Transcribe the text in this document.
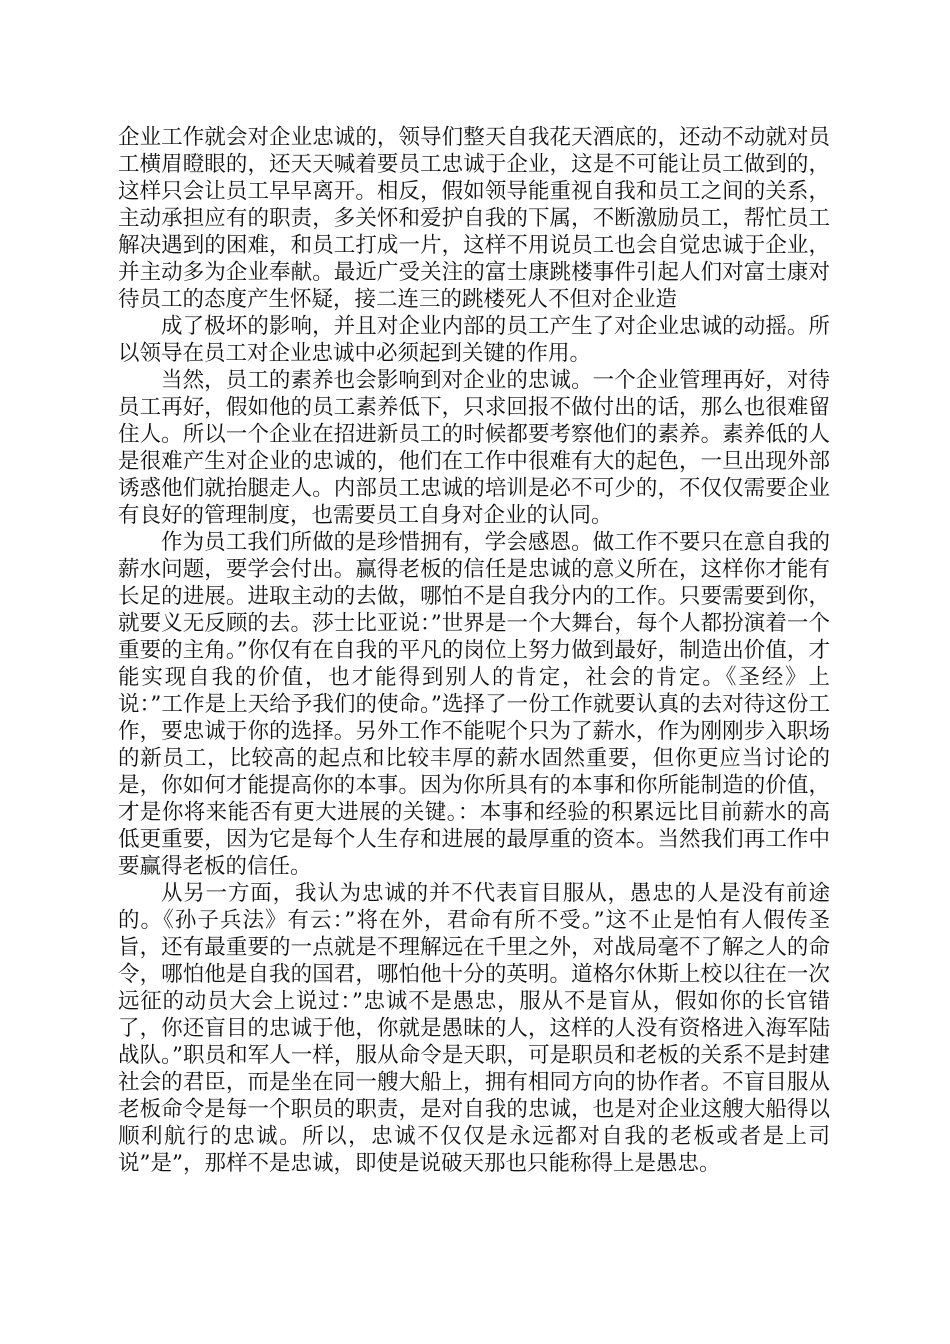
企业工作就会对企业忠诚的，领导们整天自我花天酒底的，还动不动就对员工横眉瞪眼的，还天天喊着要员工忠诚于企业，这是不可能让员工做到的，这样只会让员工早早离开。相反，假如领导能重视自我和员工之间的关系，主动承担应有的职责，多关怀和爱护自我的下属，不断激励员工，帮忙员工解决遇到的困难，和员工打成一片，这样不用说员工也会自觉忠诚于企业，并主动多为企业奉献。最近广受关注的富士康跳楼事件引起人们对富士康对待员工的态度产生怀疑，接二连三的跳楼死人不但对企业造

成了极坏的影响，并且对企业内部的员工产生了对企业忠诚的动摇。所以领导在员工对企业忠诚中必须起到关键的作用。

当然，员工的素养也会影响到对企业的忠诚。一个企业管理再好，对待员工再好，假如他的员工素养低下，只求回报不做付出的话，那么也很难留住人。所以一个企业在招进新员工的时候都要考察他们的素养。素养低的人是很难产生对企业的忠诚的，他们在工作中很难有大的起色，一旦出现外部诱惑他们就抬腿走人。内部员工忠诚的培训是必不可少的，不仅仅需要企业有良好的管理制度，也需要员工自身对企业的认同。

作为员工我们所做的是珍惜拥有，学会感恩。做工作不要只在意自我的薪水问题，要学会付出。赢得老板的信任是忠诚的意义所在，这样你才能有长足的进展。进取主动的去做，哪怕不是自我分内的工作。只要需要到你，就要义无反顾的去。莎士比亚说：”世界是一个大舞台，每个人都扮演着一个重要的主角。”你仅有在自我的平凡的岗位上努力做到最好，制造出价值，才能实现自我的价值，也才能得到别人的肯定，社会的肯定。《圣经》上说：”工作是上天给予我们的使命。”选择了一份工作就要认真的去对待这份工作，要忠诚于你的选择。另外工作不能呢个只为了薪水，作为刚刚步入职场的新员工，比较高的起点和比较丰厚的薪水固然重要，但你更应当讨论的是，你如何才能提高你的本事。因为你所具有的本事和你所能制造的价值，才是你将来能否有更大进展的关键。：本事和经验的积累远比目前薪水的高低更重要，因为它是每个人生存和进展的最厚重的资本。当然我们再工作中要赢得老板的信任。

从另一方面，我认为忠诚的并不代表盲目服从，愚忠的人是没有前途的。《孙子兵法》有云：”将在外，君命有所不受。”这不止是怕有人假传圣旨，还有最重要的一点就是不理解远在千里之外，对战局毫不了解之人的命令，哪怕他是自我的国君，哪怕他十分的英明。道格尔休斯上校以往在一次远征的动员大会上说过：”忠诚不是愚忠，服从不是盲从，假如你的长官错了，你还盲目的忠诚于他，你就是愚昧的人，这样的人没有资格进入海军陆战队。”职员和军人一样，服从命令是天职，可是职员和老板的关系不是封建社会的君臣，而是坐在同一艘大船上，拥有相同方向的协作者。不盲目服从老板命令是每一个职员的职责，是对自我的忠诚，也是对企业这艘大船得以顺利航行的忠诚。所以，忠诚不仅仅是永远都对自我的老板或者是上司说”是”，那样不是忠诚，即使是说破天那也只能称得上是愚忠。
